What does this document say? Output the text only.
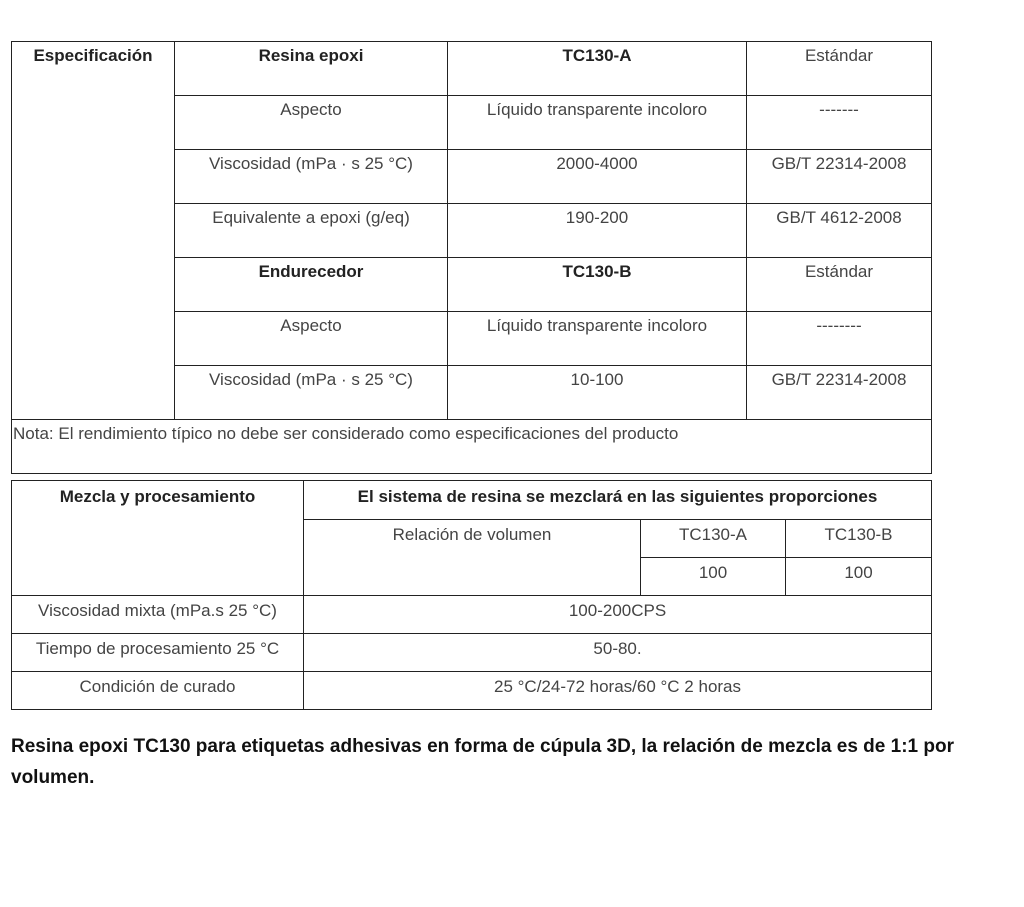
Especificación	Resina epoxi	TC130-A	Estándar
	Aspecto	Líquido transparente incoloro	-------
	Viscosidad (mPa · s 25 °C)	2000-4000	GB/T 22314-2008
	Equivalente a epoxi (g/eq)	190-200	GB/T 4612-2008
	Endurecedor	TC130-B	Estándar
	Aspecto	Líquido transparente incoloro	--------
	Viscosidad (mPa · s 25 °C)	10-100	GB/T 22314-2008
Nota: El rendimiento típico no debe ser considerado como especificaciones del producto			
Mezcla y procesamiento	El sistema de resina se mezclará en las siguientes proporciones		
	Relación de volumen	TC130-A	TC130-B
		100	100
Viscosidad mixta (mPa.s 25 °C)	100-200CPS		
Tiempo de procesamiento 25 °C	50-80.		
Condición de curado	25 °C/24-72 horas/60 °C 2 horas		

Resina epoxi TC130 para etiquetas adhesivas en forma de cúpula 3D, la relación de mezcla es de 1:1 por volumen.
